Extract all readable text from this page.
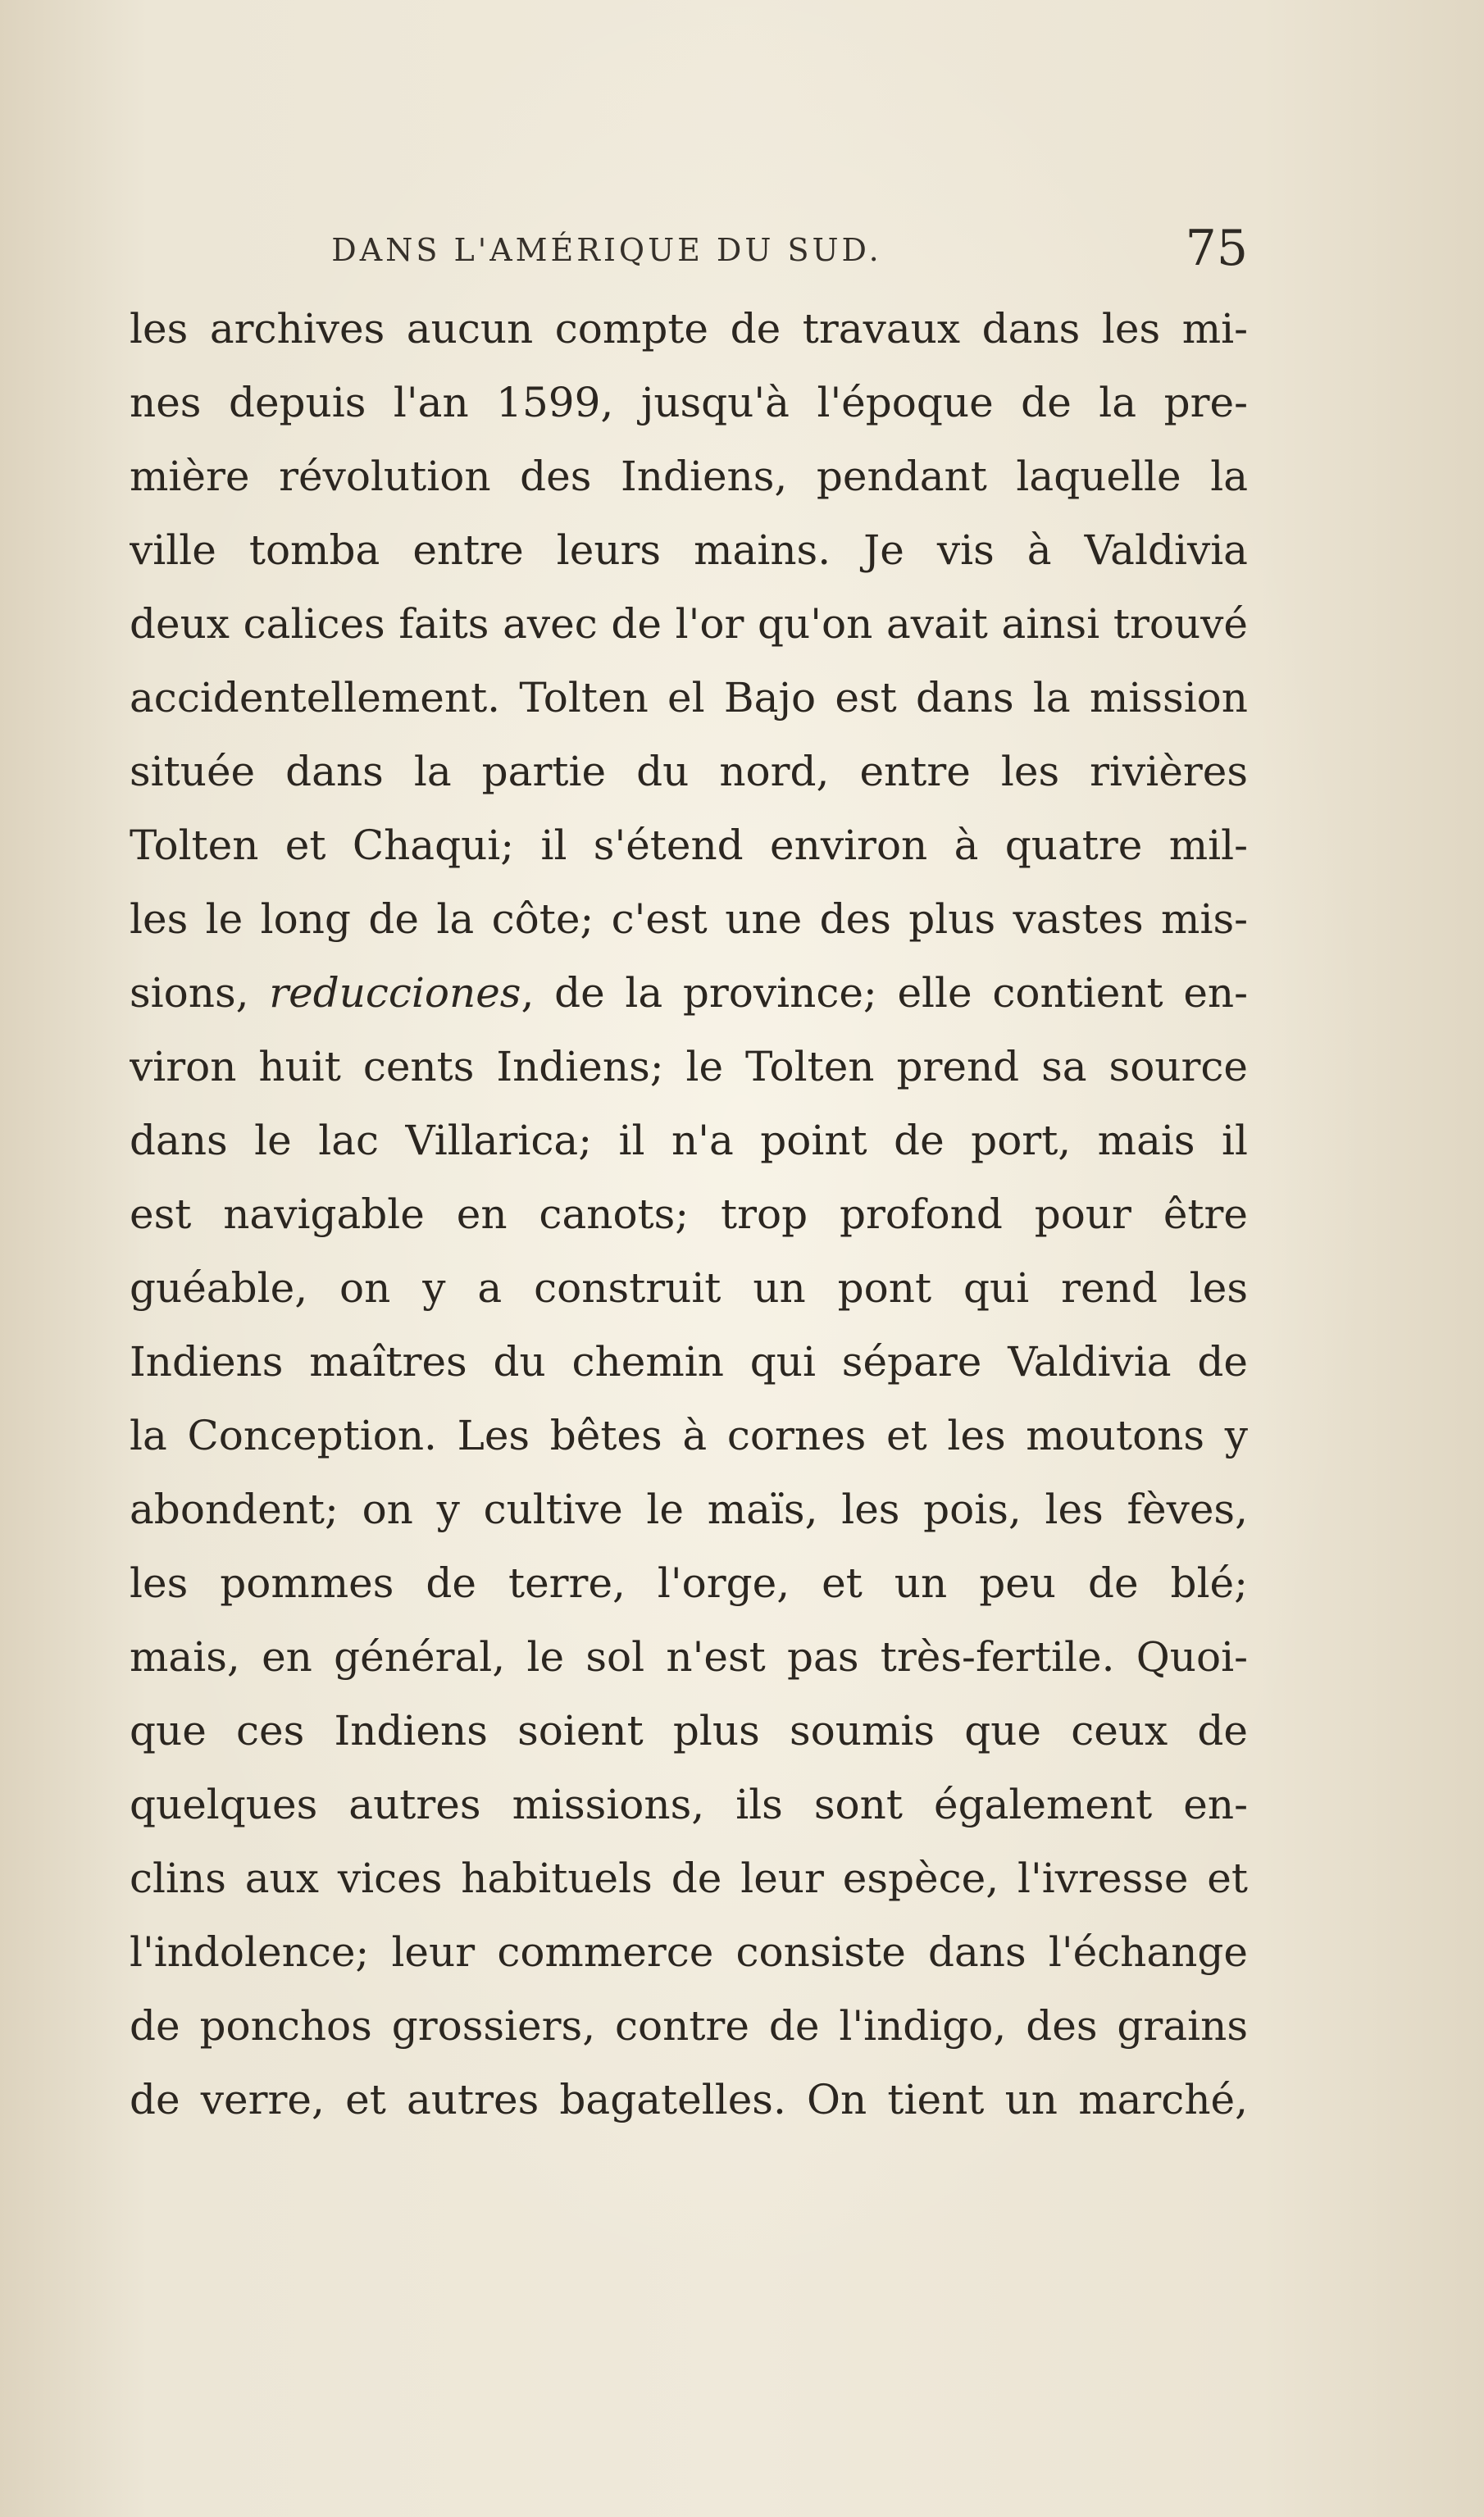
DANS L'AMÉRIQUE DU SUD.	75
les archives aucun compte de travaux dans les mi-
nes depuis l'an 1599, jusqu'à l'époque de la pre-
mière révolution des Indiens, pendant laquelle la
ville tomba entre leurs mains. Je vis à Valdivia
deux calices faits avec de l'or qu'on avait ainsi trouvé
accidentellement. Tolten el Bajo est dans la mission
située dans la partie du nord, entre les rivières
Tolten et Chaqui; il s'étend environ à quatre mil-
les le long de la côte; c'est une des plus vastes mis-
sions, reducciones, de la province; elle contient en-
viron huit cents Indiens; le Tolten prend sa source
dans le lac Villarica; il n'a point de port, mais il
est navigable en canots; trop profond pour être
guéable, on y a construit un pont qui rend les
Indiens maîtres du chemin qui sépare Valdivia de
la Conception. Les bêtes à cornes et les moutons y
abondent; on y cultive le maïs, les pois, les fèves,
les pommes de terre, l'orge, et un peu de blé;
mais, en général, le sol n'est pas très-fertile. Quoi-
que ces Indiens soient plus soumis que ceux de
quelques autres missions, ils sont également en-
clins aux vices habituels de leur espèce, l'ivresse et
l'indolence; leur commerce consiste dans l'échange
de ponchos grossiers, contre de l'indigo, des grains
de verre, et autres bagatelles. On tient un marché,
